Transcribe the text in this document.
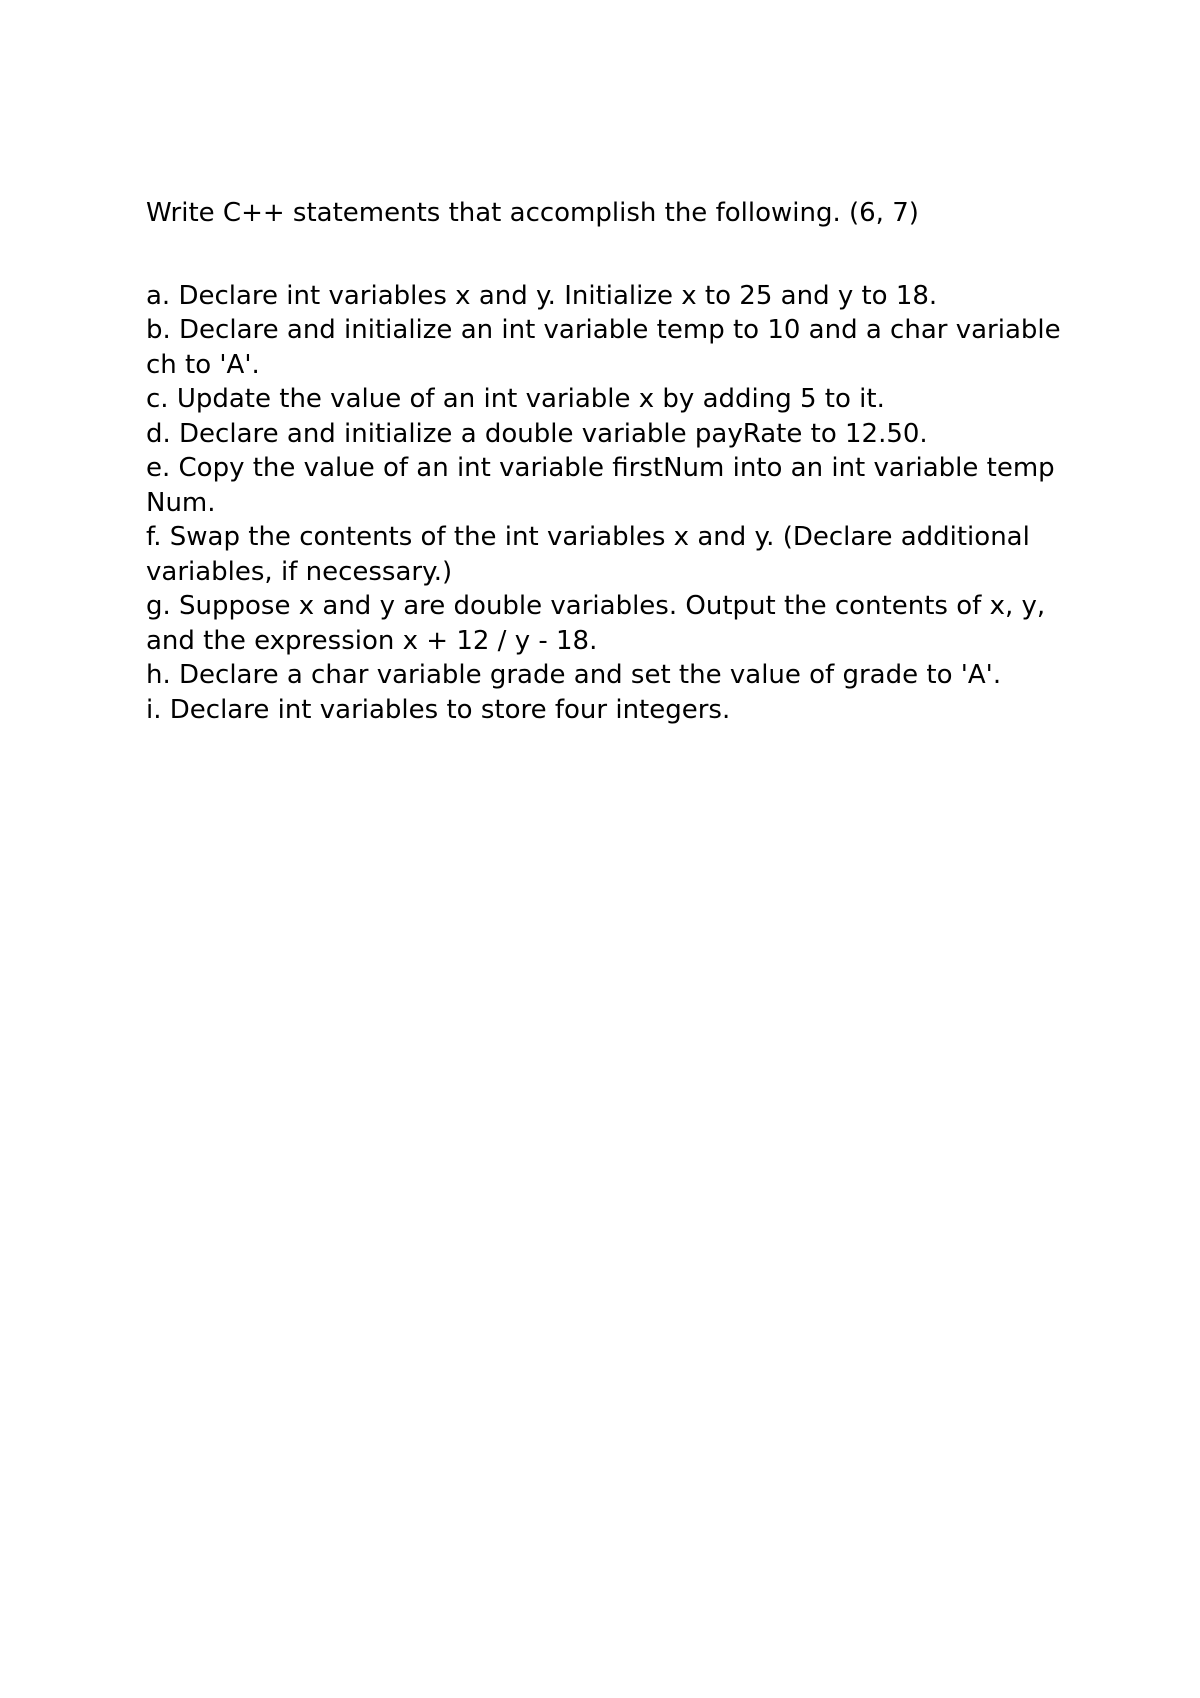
Write C++ statements that accomplish the following. (6, 7)

a. Declare int variables x and y. Initialize x to 25 and y to 18.
b. Declare and initialize an int variable temp to 10 and a char variable ch to 'A'.
c. Update the value of an int variable x by adding 5 to it.
d. Declare and initialize a double variable payRate to 12.50.
e. Copy the value of an int variable firstNum into an int variable temp Num.
f. Swap the contents of the int variables x and y. (Declare additional variables, if necessary.)
g. Suppose x and y are double variables. Output the contents of x, y, and the expression x + 12 / y - 18.
h. Declare a char variable grade and set the value of grade to 'A'.
i. Declare int variables to store four integers.
